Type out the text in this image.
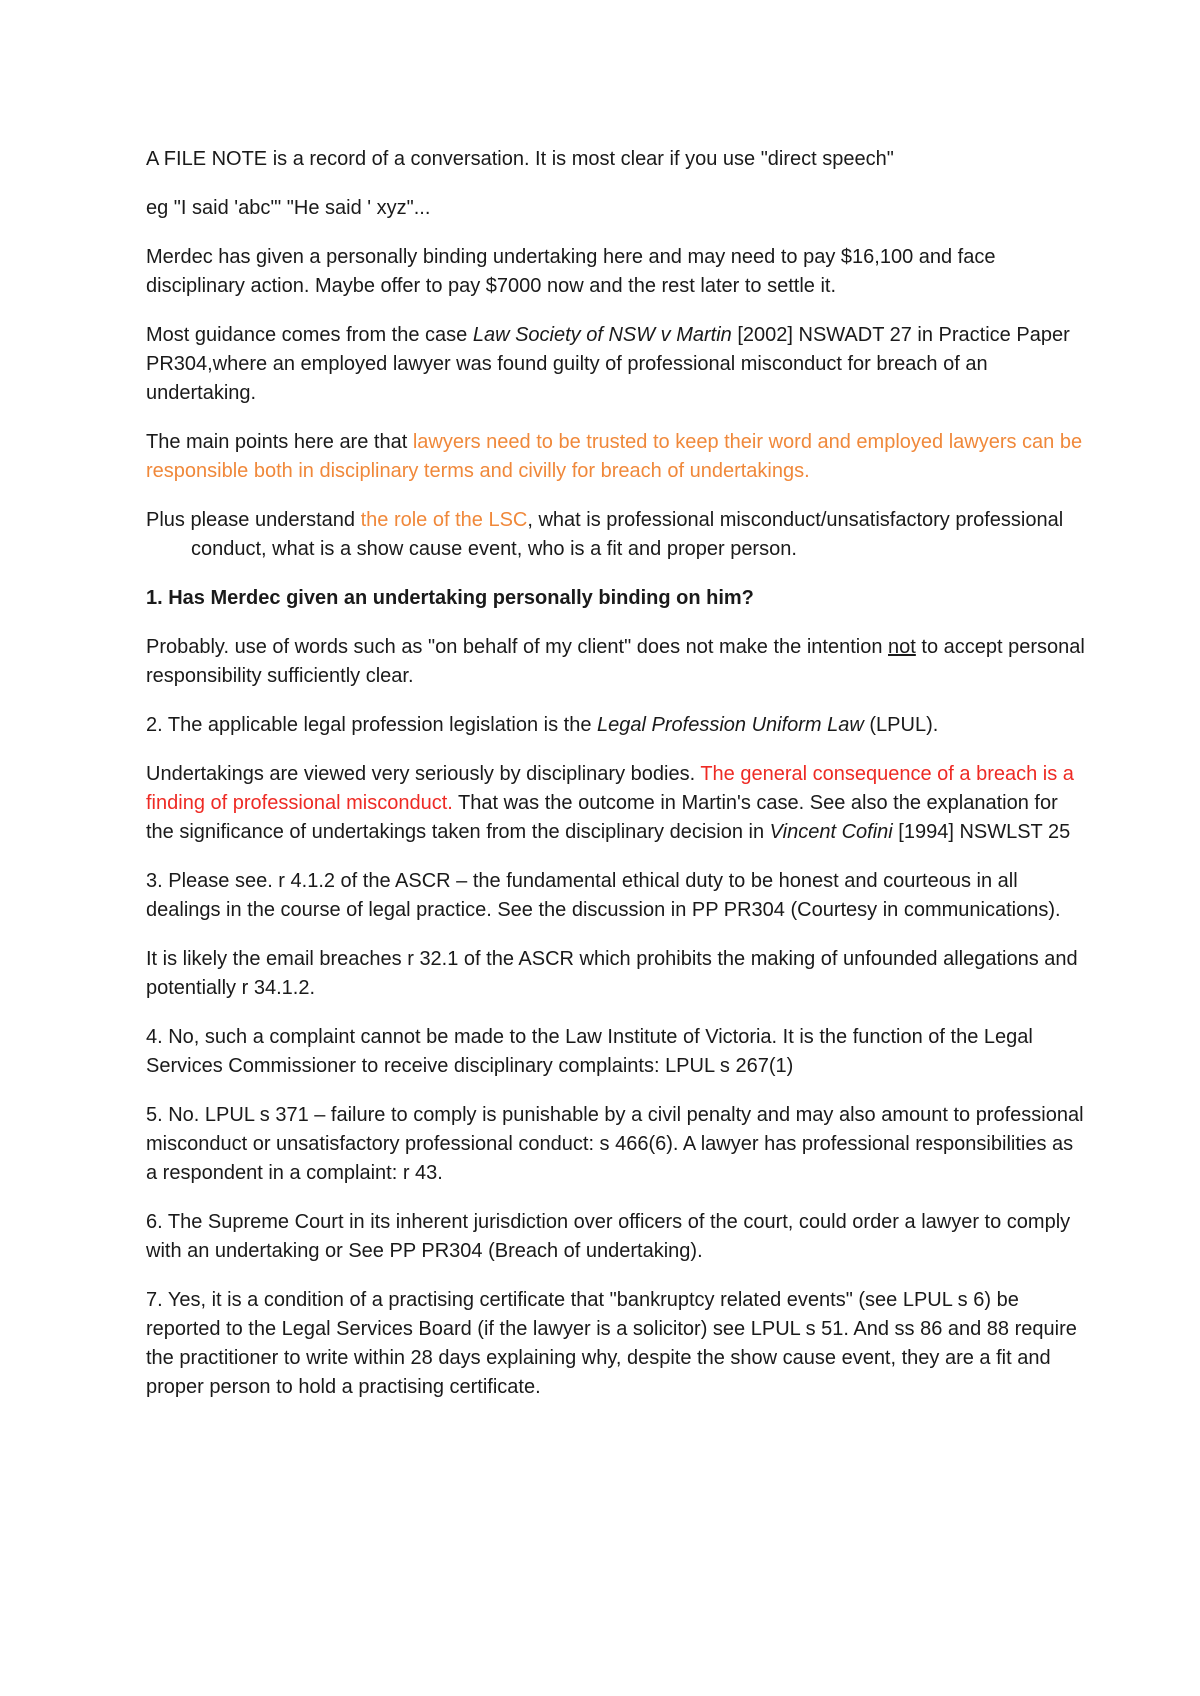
A FILE NOTE is a record of a conversation. It is most clear if you use "direct speech"

eg "I said 'abc'" "He said ' xyz"...

Merdec has given a personally binding undertaking here and may need to pay $16,100 and face disciplinary action. Maybe offer to pay $7000 now and the rest later to settle it.

Most guidance comes from the case Law Society of NSW v Martin [2002] NSWADT 27 in Practice Paper PR304,where an employed lawyer was found guilty of professional misconduct for breach of an undertaking.

The main points here are that lawyers need to be trusted to keep their word and employed lawyers can be responsible both in disciplinary terms and civilly for breach of undertakings.

Plus please understand the role of the LSC, what is professional misconduct/unsatisfactory professional conduct, what is a show cause event, who is a fit and proper person.

1. Has Merdec given an undertaking personally binding on him?

Probably. use of words such as "on behalf of my client" does not make the intention not to accept personal responsibility sufficiently clear.

2. The applicable legal profession legislation is the Legal Profession Uniform Law (LPUL).

Undertakings are viewed very seriously by disciplinary bodies. The general consequence of a breach is a finding of professional misconduct. That was the outcome in Martin's case. See also the explanation for the significance of undertakings taken from the disciplinary decision in Vincent Cofini [1994] NSWLST 25

3. Please see. r 4.1.2 of the ASCR – the fundamental ethical duty to be honest and courteous in all dealings in the course of legal practice. See the discussion in PP PR304 (Courtesy in communications).

It is likely the email breaches r 32.1 of the ASCR which prohibits the making of unfounded allegations and potentially r 34.1.2.

4. No, such a complaint cannot be made to the Law Institute of Victoria. It is the function of the Legal Services Commissioner to receive disciplinary complaints: LPUL s 267(1)

5. No. LPUL s 371 – failure to comply is punishable by a civil penalty and may also amount to professional misconduct or unsatisfactory professional conduct: s 466(6). A lawyer has professional responsibilities as a respondent in a complaint: r 43.

6. The Supreme Court in its inherent jurisdiction over officers of the court, could order a lawyer to comply with an undertaking or See PP PR304 (Breach of undertaking).

7. Yes, it is a condition of a practising certificate that "bankruptcy related events" (see LPUL s 6) be reported to the Legal Services Board (if the lawyer is a solicitor) see LPUL s 51. And ss 86 and 88 require the practitioner to write within 28 days explaining why, despite the show cause event, they are a fit and proper person to hold a practising certificate.
